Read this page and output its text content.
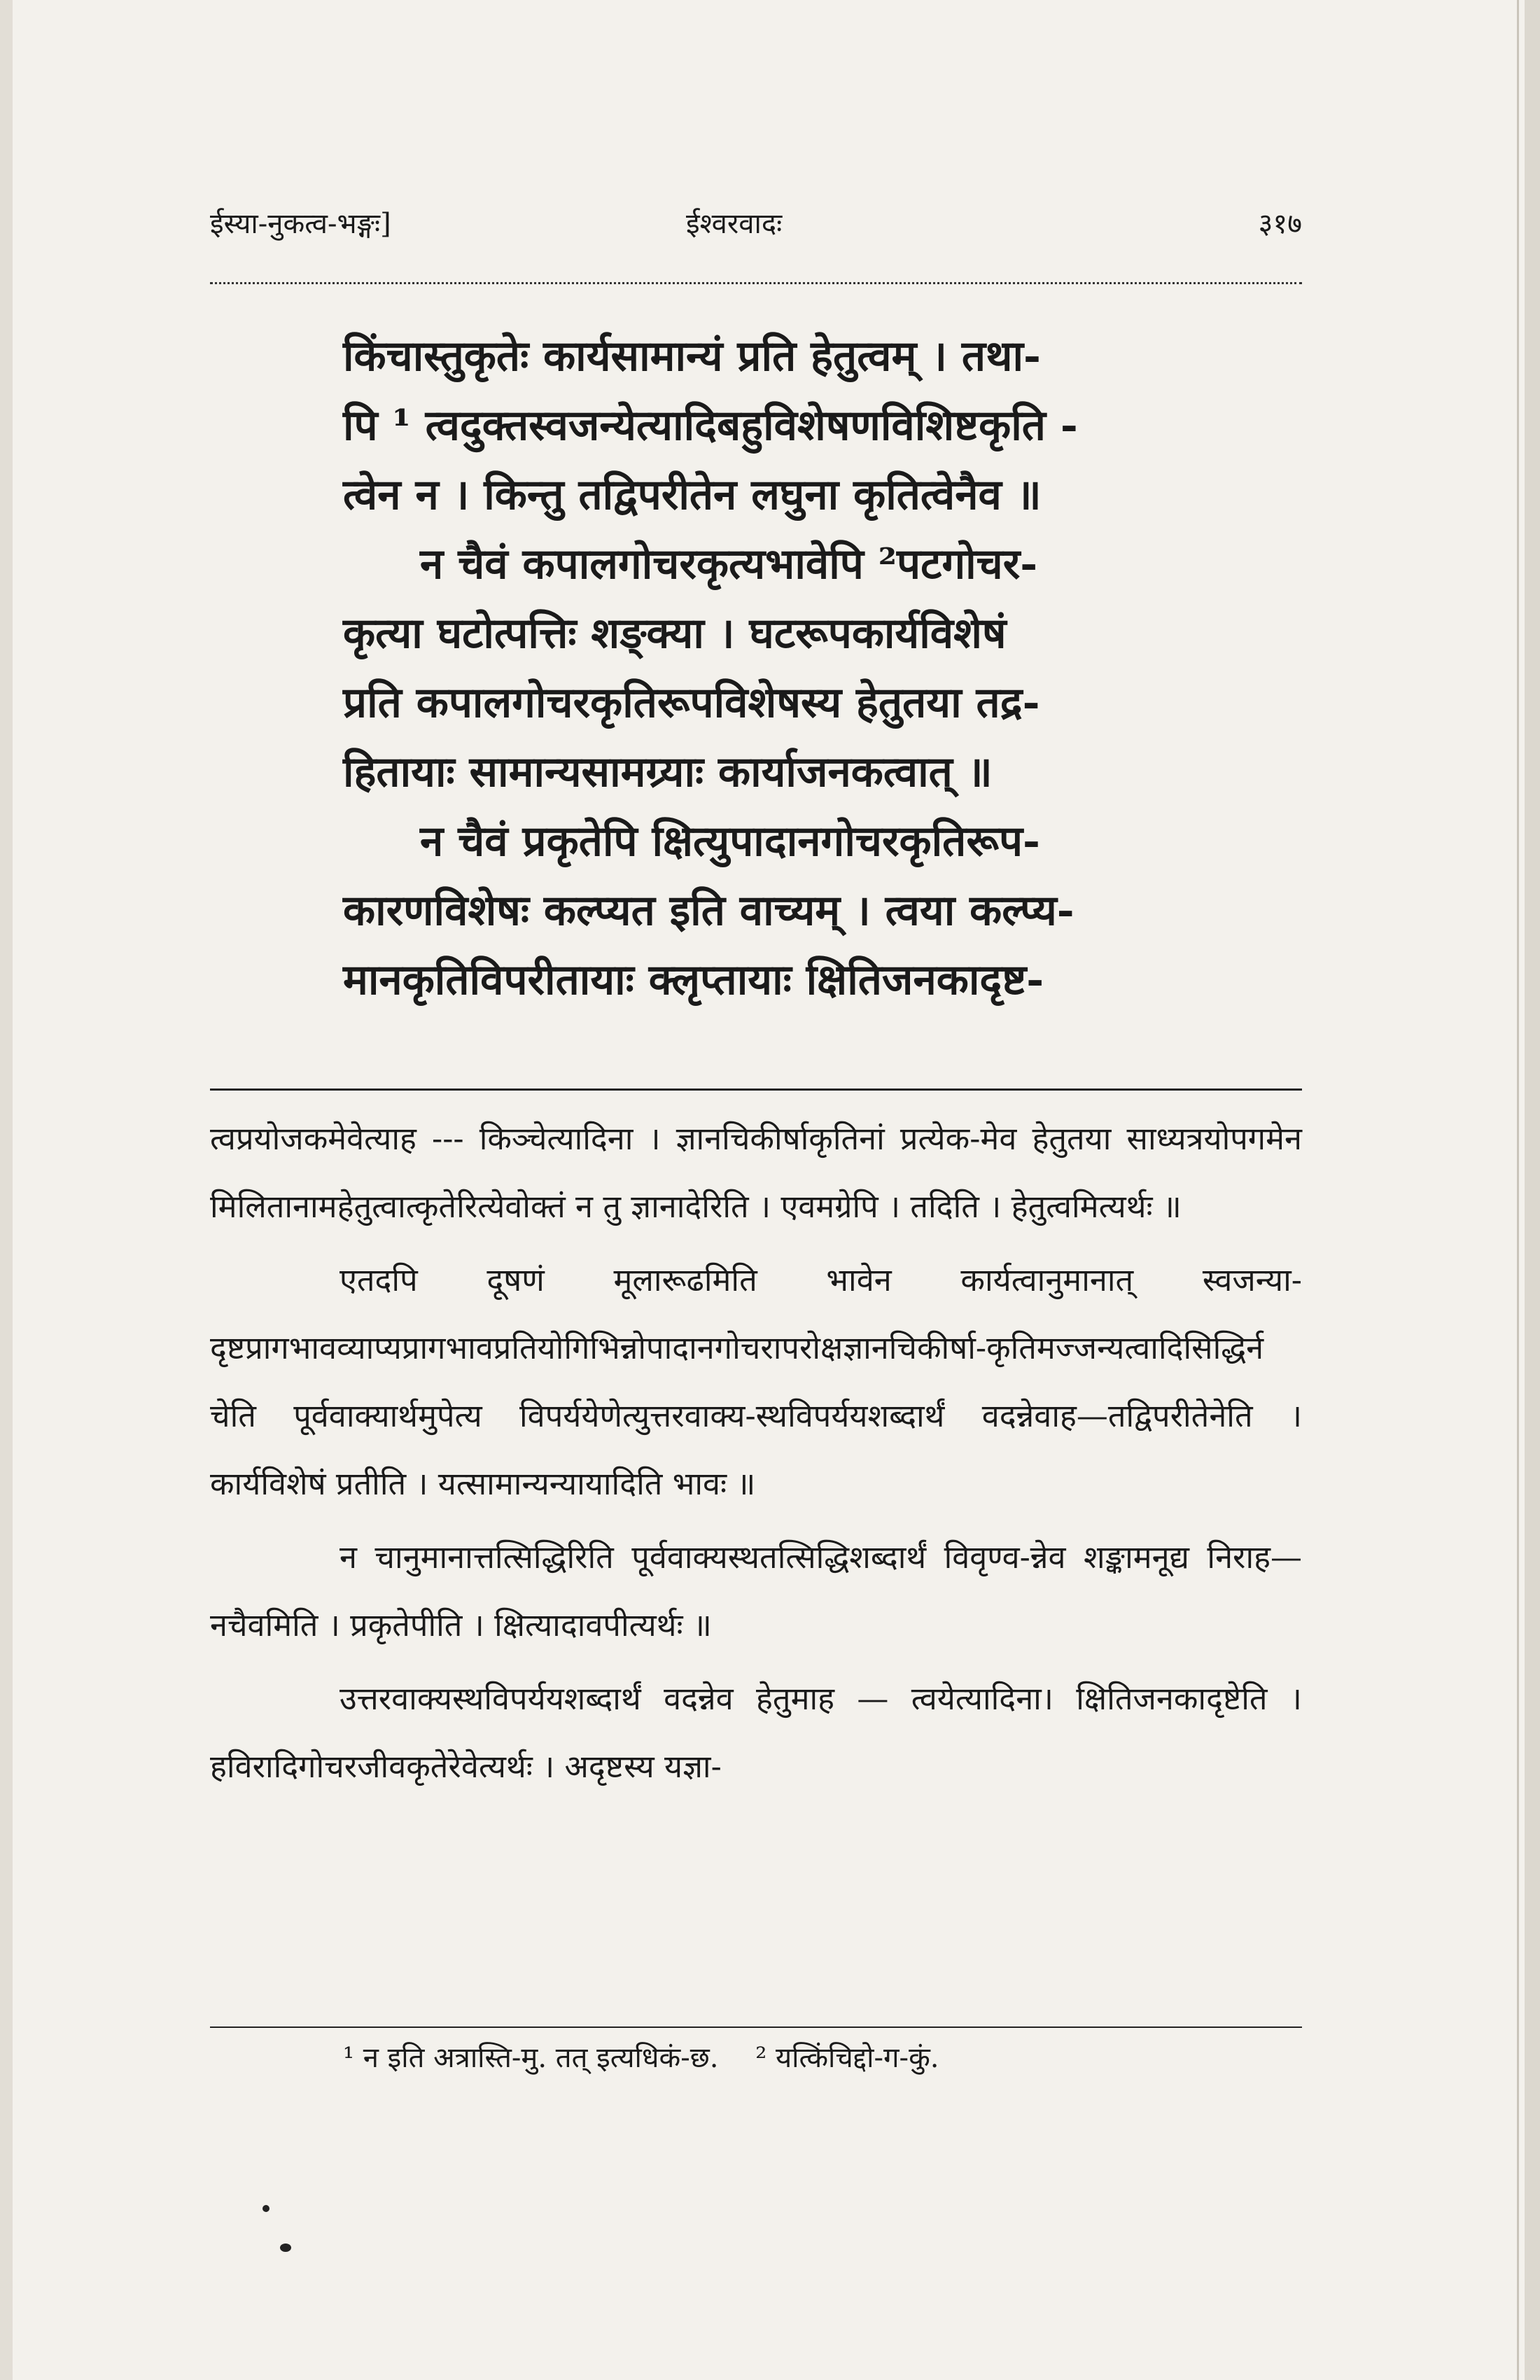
ईस्या-नुकत्व-भङ्गः]	ईश्वरवादः	३१७

किंचास्तुकृतेः कार्यसामान्यं प्रति हेतुत्वम् । तथा-

पि ¹ त्वदुक्तस्वजन्येत्यादिबहुविशेषणविशिष्टकृति -

त्वेन न । किन्तु तद्विपरीतेन लघुना कृतित्वेनैव ॥

न चैवं कपालगोचरकृत्यभावेपि ²पटगोचर-

कृत्या घटोत्पत्तिः शङ्क्या । घटरूपकार्यविशेषं

प्रति कपालगोचरकृतिरूपविशेषस्य हेतुतया तद्र-

हितायाः सामान्यसामग्र्याः कार्याजनकत्वात् ॥

न चैवं प्रकृतेपि क्षित्युपादानगोचरकृतिरूप-

कारणविशेषः कल्प्यत इति वाच्यम् । त्वया कल्प्य-

मानकृतिविपरीतायाः क्लृप्तायाः क्षितिजनकादृष्ट-

त्वप्रयोजकमेवेत्याह --- किञ्चेत्यादिना । ज्ञानचिकीर्षाकृतिनां प्रत्येक-मेव हेतुतया साध्यत्रयोपगमेन मिलितानामहेतुत्वात्कृतेरित्येवोक्तं न तु ज्ञानादेरिति । एवमग्रेपि । तदिति । हेतुत्वमित्यर्थः ॥

एतदपि दूषणं मूलारूढमिति भावेन कार्यत्वानुमानात् स्वजन्या-दृष्टप्रागभावव्याप्यप्रागभावप्रतियोगिभिन्नोपादानगोचरापरोक्षज्ञानचिकीर्षा-कृतिमज्जन्यत्वादिसिद्धिर्न चेति पूर्ववाक्यार्थमुपेत्य विपर्ययेणेत्युत्तरवाक्य-स्थविपर्ययशब्दार्थं वदन्नेवाह—तद्विपरीतेनेति । कार्यविशेषं प्रतीति । यत्सामान्यन्यायादिति भावः ॥

न चानुमानात्तत्सिद्धिरिति पूर्ववाक्यस्थतत्सिद्धिशब्दार्थं विवृण्व-न्नेव शङ्कामनूद्य निराह—नचैवमिति । प्रकृतेपीति । क्षित्यादावपीत्यर्थः ॥

उत्तरवाक्यस्थविपर्ययशब्दार्थं वदन्नेव हेतुमाह — त्वयेत्यादिना। क्षितिजनकादृष्टेति । हविरादिगोचरजीवकृतेरेवेत्यर्थः । अदृष्टस्य यज्ञा-

¹ न इति अत्रास्ति-मु. तत् इत्यधिकं-छ. ² यत्किंचिद्दो-ग-कुं.
